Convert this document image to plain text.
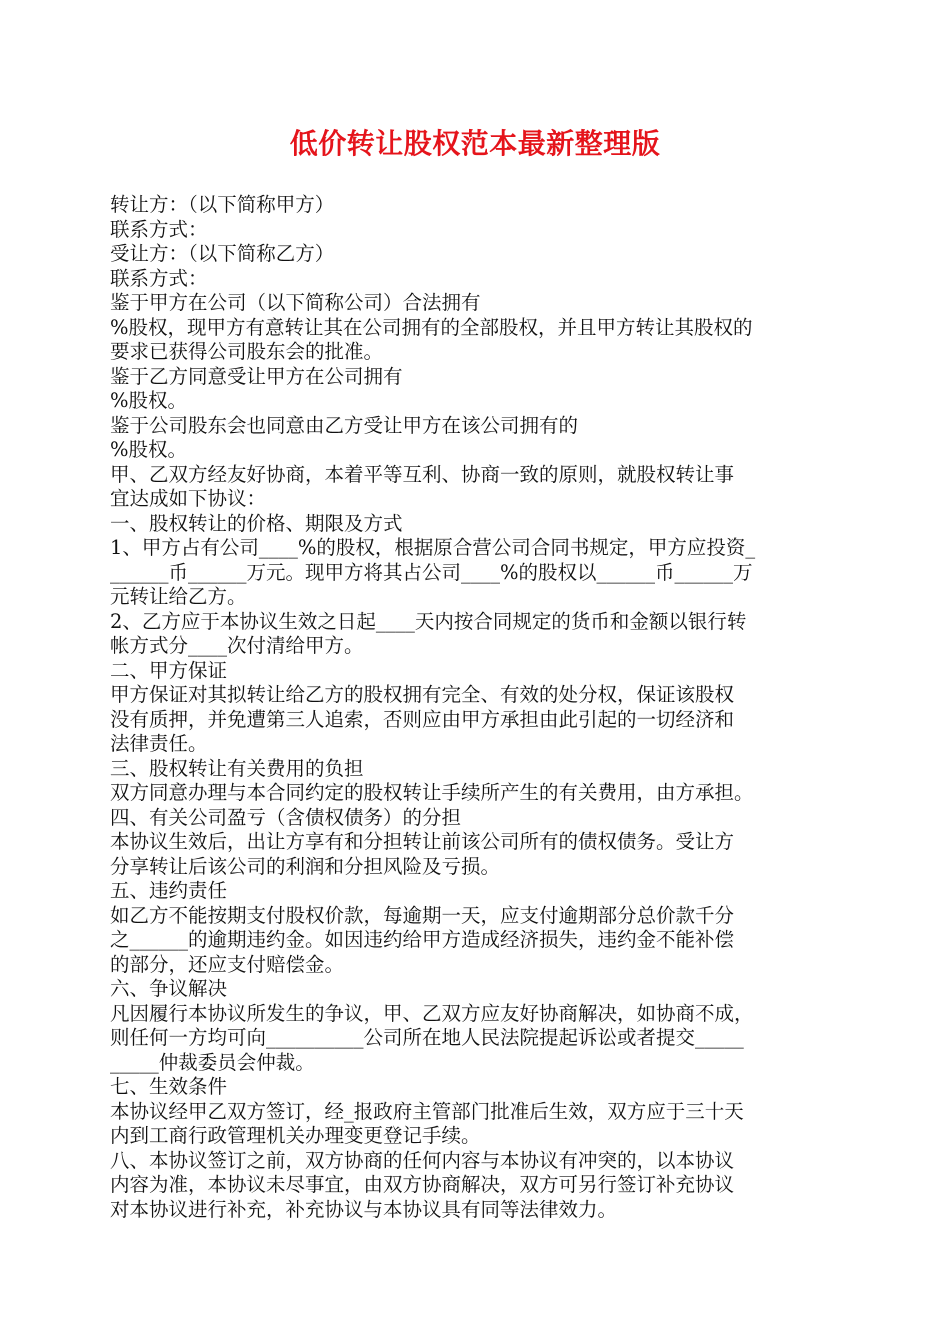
低价转让股权范本最新整理版
转让方：（以下简称甲方）
联系方式：
受让方：（以下简称乙方）
联系方式：
鉴于甲方在公司（以下简称公司）合法拥有
%股权，现甲方有意转让其在公司拥有的全部股权，并且甲方转让其股权的
要求已获得公司股东会的批准。
鉴于乙方同意受让甲方在公司拥有
%股权。
鉴于公司股东会也同意由乙方受让甲方在该公司拥有的
%股权。
甲、乙双方经友好协商，本着平等互利、协商一致的原则，就股权转让事
宜达成如下协议：
一、股权转让的价格、期限及方式
1、甲方占有公司____%的股权，根据原合营公司合同书规定，甲方应投资_
______币______万元。现甲方将其占公司____%的股权以______币______万
元转让给乙方。
2、乙方应于本协议生效之日起____天内按合同规定的货币和金额以银行转
帐方式分____次付清给甲方。
二、甲方保证
甲方保证对其拟转让给乙方的股权拥有完全、有效的处分权，保证该股权
没有质押，并免遭第三人追索，否则应由甲方承担由此引起的一切经济和
法律责任。
三、股权转让有关费用的负担
双方同意办理与本合同约定的股权转让手续所产生的有关费用，由方承担。
四、有关公司盈亏（含债权债务）的分担
本协议生效后，出让方享有和分担转让前该公司所有的债权债务。受让方
分享转让后该公司的利润和分担风险及亏损。
五、违约责任
如乙方不能按期支付股权价款，每逾期一天，应支付逾期部分总价款千分
之______的逾期违约金。如因违约给甲方造成经济损失，违约金不能补偿
的部分，还应支付赔偿金。
六、争议解决
凡因履行本协议所发生的争议，甲、乙双方应友好协商解决，如协商不成，
则任何一方均可向__________公司所在地人民法院提起诉讼或者提交_____
_____仲裁委员会仲裁。
七、生效条件
本协议经甲乙双方签订，经_报政府主管部门批准后生效，双方应于三十天
内到工商行政管理机关办理变更登记手续。
八、本协议签订之前，双方协商的任何内容与本协议有冲突的，以本协议
内容为准，本协议未尽事宜，由双方协商解决，双方可另行签订补充协议
对本协议进行补充，补充协议与本协议具有同等法律效力。
